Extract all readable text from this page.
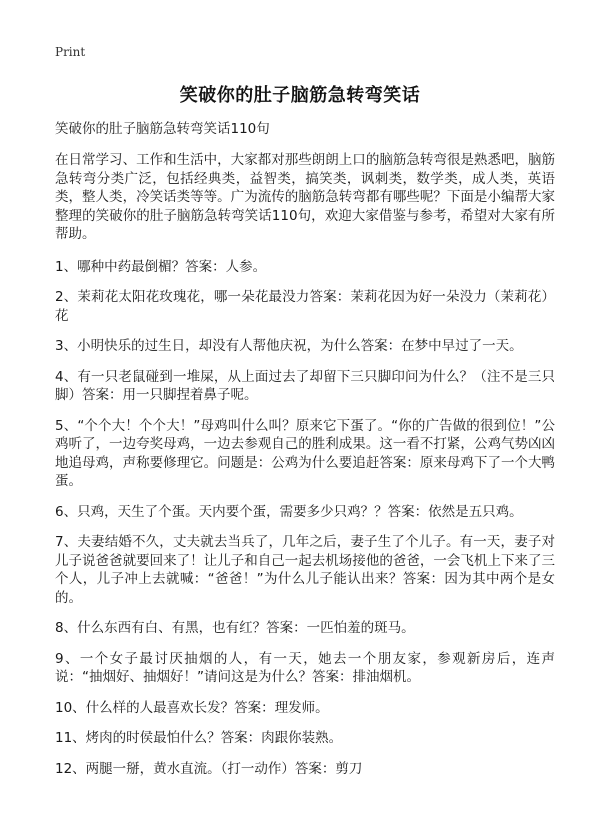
Print
笑破你的肚子脑筋急转弯笑话

笑破你的肚子脑筋急转弯笑话110句

在日常学习、工作和生活中，大家都对那些朗朗上口的脑筋急转弯很是熟悉吧，脑筋急转弯分类广泛，包括经典类，益智类，搞笑类，讽刺类，数学类，成人类，英语类，整人类，冷笑话类等等。广为流传的脑筋急转弯都有哪些呢？下面是小编帮大家整理的笑破你的肚子脑筋急转弯笑话110句，欢迎大家借鉴与参考，希望对大家有所帮助。

1、哪种中药最倒楣？答案：人参。

2、茉莉花太阳花玫瑰花，哪一朵花最没力答案：茉莉花因为好一朵没力（茉莉花）花

3、小明快乐的过生日，却没有人帮他庆祝，为什么答案：在梦中早过了一天。

4、有一只老鼠碰到一堆屎，从上面过去了却留下三只脚印问为什么？（注不是三只脚）答案：用一只脚捏着鼻子呢。

5、“个个大！个个大！”母鸡叫什么叫？原来它下蛋了。“你的广告做的很到位！”公鸡听了，一边夸奖母鸡，一边去参观自己的胜利成果。这一看不打紧，公鸡气势凶凶地追母鸡，声称要修理它。问题是：公鸡为什么要追赶答案：原来母鸡下了一个大鸭蛋。

6、只鸡，天生了个蛋。天内要个蛋，需要多少只鸡？？答案：依然是五只鸡。

7、夫妻结婚不久，丈夫就去当兵了，几年之后，妻子生了个儿子。有一天，妻子对儿子说爸爸就要回来了！让儿子和自己一起去机场接他的爸爸，一会飞机上下来了三个人，儿子冲上去就喊：“爸爸！”为什么儿子能认出来？答案：因为其中两个是女的。

8、什么东西有白、有黑，也有红？答案：一匹怕羞的斑马。

9、一个女子最讨厌抽烟的人，有一天，她去一个朋友家，参观新房后，连声说：“抽烟好、抽烟好！”请问这是为什么？答案：排油烟机。

10、什么样的人最喜欢长发？答案：理发师。

11、烤肉的时侯最怕什么？答案：肉跟你装熟。

12、两腿一掰，黄水直流。（打一动作）答案：剪刀
